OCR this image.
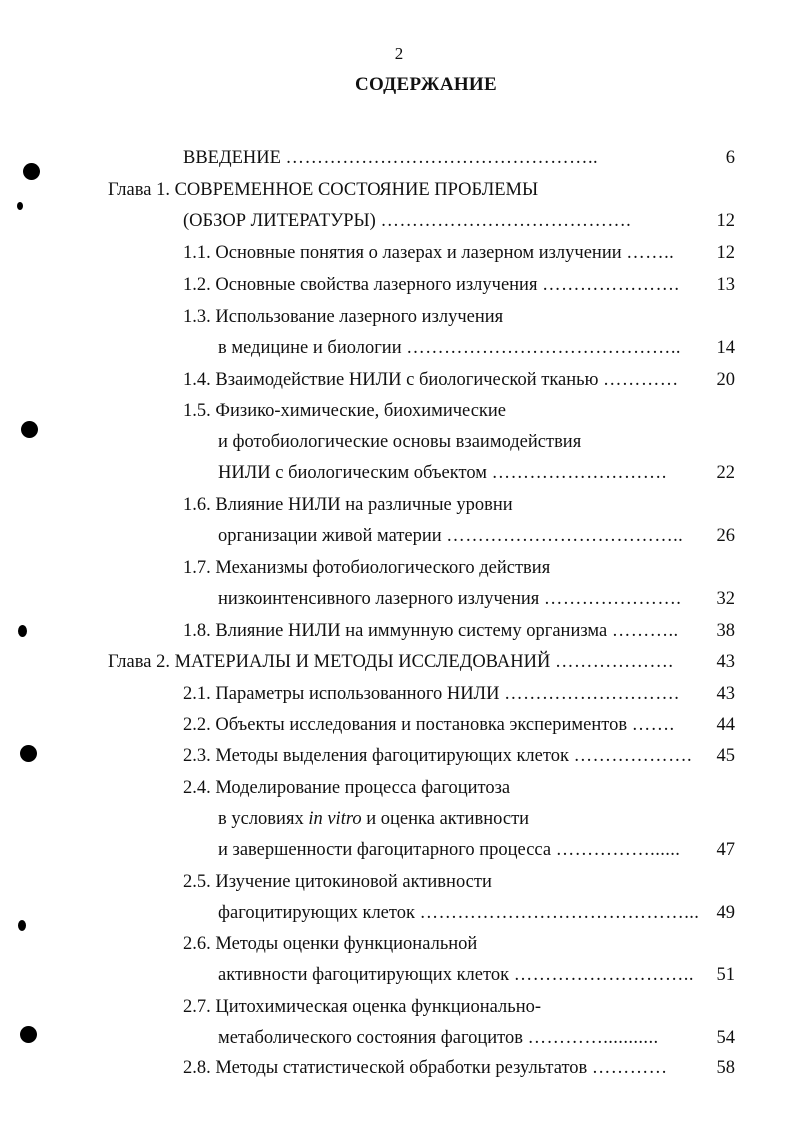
2
СОДЕРЖАНИЕ
ВВЕДЕНИЕ …………………………………………..	6
Глава 1. СОВРЕМЕННОЕ СОСТОЯНИЕ ПРОБЛЕМЫ
(ОБЗОР ЛИТЕРАТУРЫ) ………………………………….	12
1.1. Основные понятия о лазерах и лазерном излучении ……..	12
1.2. Основные свойства лазерного излучения ………………….	13
1.3. Использование лазерного излучения
в медицине и биологии ……………………………………..	14
1.4. Взаимодействие НИЛИ с биологической тканью …………	20
1.5. Физико-химические, биохимические
и фотобиологические основы взаимодействия
НИЛИ с биологическим объектом ……………………….	22
1.6. Влияние НИЛИ на различные уровни
организации живой материи ………………………………..	26
1.7. Механизмы фотобиологического действия
низкоинтенсивного лазерного излучения ………………….	32
1.8. Влияние НИЛИ на иммунную систему организма ………..	38
Глава 2. МАТЕРИАЛЫ И МЕТОДЫ ИССЛЕДОВАНИЙ ……………….	43
2.1. Параметры использованного НИЛИ ……………………….	43
2.2. Объекты исследования и постановка экспериментов …….	44
2.3. Методы выделения фагоцитирующих клеток ……………….	45
2.4. Моделирование процесса фагоцитоза
в условиях in vitro и оценка активности
и завершенности фагоцитарного процесса ……………......	47
2.5. Изучение цитокиновой активности
фагоцитирующих клеток ……………………………………... 49
2.6. Методы оценки функциональной
активности фагоцитирующих клеток ………………………..	51
2.7. Цитохимическая оценка функционально-
метаболического состояния фагоцитов …………...........	54
2.8. Методы статистической обработки результатов …………	58
